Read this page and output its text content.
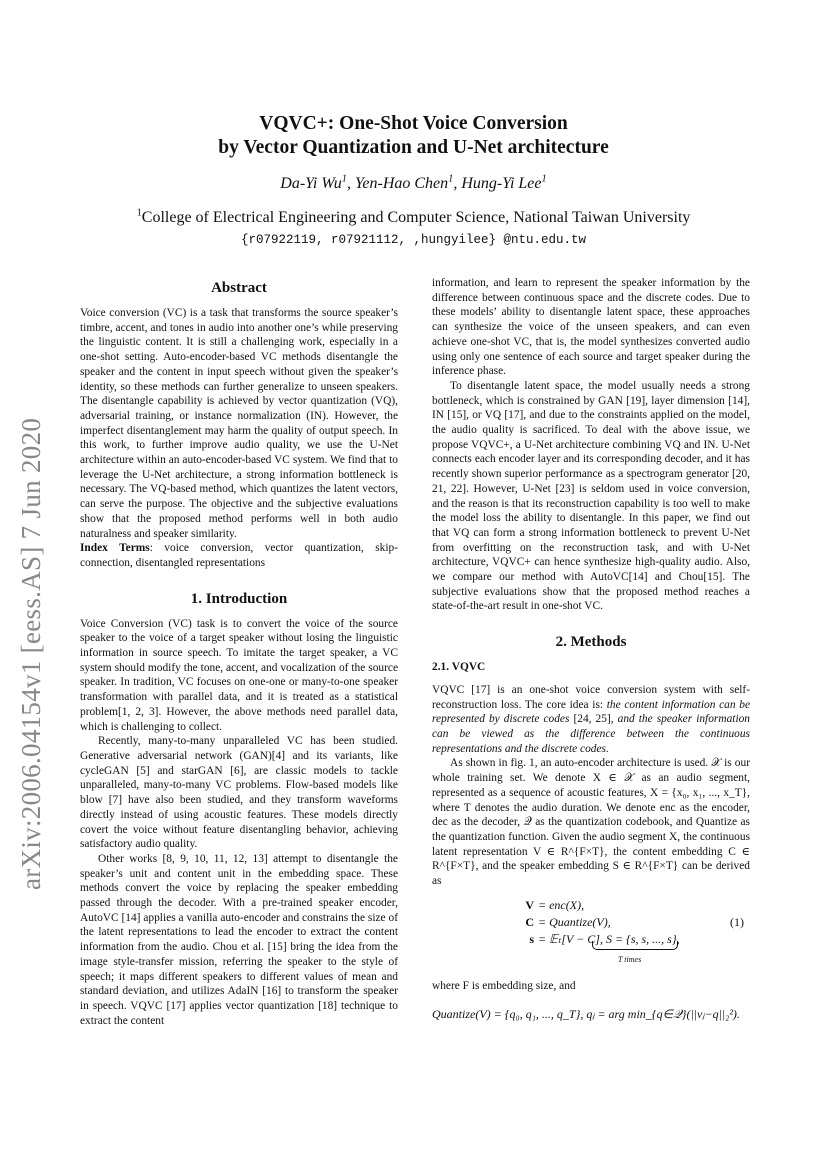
arXiv:2006.04154v1 [eess.AS] 7 Jun 2020
VQVC+: One-Shot Voice Conversion
by Vector Quantization and U-Net architecture
Da-Yi Wu$^1$, Yen-Hao Chen$^1$, Hung-Yi Lee$^1$
$^1$College of Electrical Engineering and Computer Science, National Taiwan University
{r07922119, r07921112, ,hungyilee} @ntu.edu.tw
Abstract

Voice conversion (VC) is a task that transforms the source speaker’s timbre, accent, and tones in audio into another one’s while preserving the linguistic content. It is still a challenging work, especially in a one-shot setting. Auto-encoder-based VC methods disentangle the speaker and the content in input speech without given the speaker’s identity, so these methods can further generalize to unseen speakers. The disentangle capability is achieved by vector quantization (VQ), adversarial training, or instance normalization (IN). However, the imperfect disentanglement may harm the quality of output speech. In this work, to further improve audio quality, we use the U-Net architecture within an auto-encoder-based VC system. We find that to leverage the U-Net architecture, a strong information bottleneck is necessary. The VQ-based method, which quantizes the latent vectors, can serve the purpose. The objective and the subjective evaluations show that the proposed method performs well in both audio naturalness and speaker similarity.

Index Terms: voice conversion, vector quantization, skip-connection, disentangled representations

1. Introduction

Voice Conversion (VC) task is to convert the voice of the source speaker to the voice of a target speaker without losing the linguistic information in source speech. To imitate the target speaker, a VC system should modify the tone, accent, and vocalization of the source speaker. In tradition, VC focuses on one-one or many-to-one speaker transformation with parallel data, and it is treated as a statistical problem[1, 2, 3]. However, the above methods need parallel data, which is challenging to collect.

Recently, many-to-many unparalleled VC has been studied. Generative adversarial network (GAN)[4] and its variants, like cycleGAN [5] and starGAN [6], are classic models to tackle unparalleled, many-to-many VC problems. Flow-based models like blow [7] have also been studied, and they transform waveforms directly instead of using acoustic features. These models directly covert the voice without feature disentangling behavior, achieving satisfactory audio quality.

Other works [8, 9, 10, 11, 12, 13] attempt to disentangle the speaker’s unit and content unit in the embedding space. These methods convert the voice by replacing the speaker embedding passed through the decoder. With a pre-trained speaker encoder, AutoVC [14] applies a vanilla auto-encoder and constrains the size of the latent representations to lead the encoder to extract the content information from the audio. Chou et al. [15] bring the idea from the image style-transfer mission, referring the speaker to the style of speech; it maps different speakers to different values of mean and standard deviation, and utilizes AdaIN [16] to transform the speaker in speech. VQVC [17] applies vector quantization [18] technique to extract the content

information, and learn to represent the speaker information by the difference between continuous space and the discrete codes. Due to these models’ ability to disentangle latent space, these approaches can synthesize the voice of the unseen speakers, and can even achieve one-shot VC, that is, the model synthesizes converted audio using only one sentence of each source and target speaker during the inference phase.

To disentangle latent space, the model usually needs a strong bottleneck, which is constrained by GAN [19], layer dimension [14], IN [15], or VQ [17], and due to the constraints applied on the model, the audio quality is sacrificed. To deal with the above issue, we propose VQVC+, a U-Net architecture combining VQ and IN. U-Net connects each encoder layer and its corresponding decoder, and it has recently shown superior performance as a spectrogram generator [20, 21, 22]. However, U-Net [23] is seldom used in voice conversion, and the reason is that its reconstruction capability is too well to make the model loss the ability to disentangle. In this paper, we find out that VQ can form a strong information bottleneck to prevent U-Net from overfitting on the reconstruction task, and with U-Net architecture, VQVC+ can hence synthesize high-quality audio. Also, we compare our method with AutoVC[14] and Chou[15]. The subjective evaluations show that the proposed method reaches a state-of-the-art result in one-shot VC.

2. Methods
2.1. VQVC

VQVC [17] is an one-shot voice conversion system with self-reconstruction loss. The core idea is: the content information can be represented by discrete codes [24, 25], and the speaker information can be viewed as the difference between the continuous representations and the discrete codes.

As shown in fig. 1, an auto-encoder architecture is used. 𝒳 is our whole training set. We denote X ∈ 𝒳 as an audio segment, represented as a sequence of acoustic features, X = {x₀, x₁, ..., x_T}, where T denotes the audio duration. We denote enc as the encoder, dec as the decoder, 𝒬 as the quantization codebook, and Quantize as the quantization function. Given the audio segment X, the continuous latent representation V ∈ R^{F×T}, the content embedding C ∈ R^{F×T}, and the speaker embedding S ∈ R^{F×T} can be derived as

V = enc(X),
C = Quantize(V),
s = 𝔼ₜ[V − C], S = {s, s, ..., s},
T times
(1)

where F is embedding size, and

Quantize(V) = {q₀, q₁, ..., q_T}, qⱼ = arg min_{q∈𝒬}(||vⱼ−q||₂²).
